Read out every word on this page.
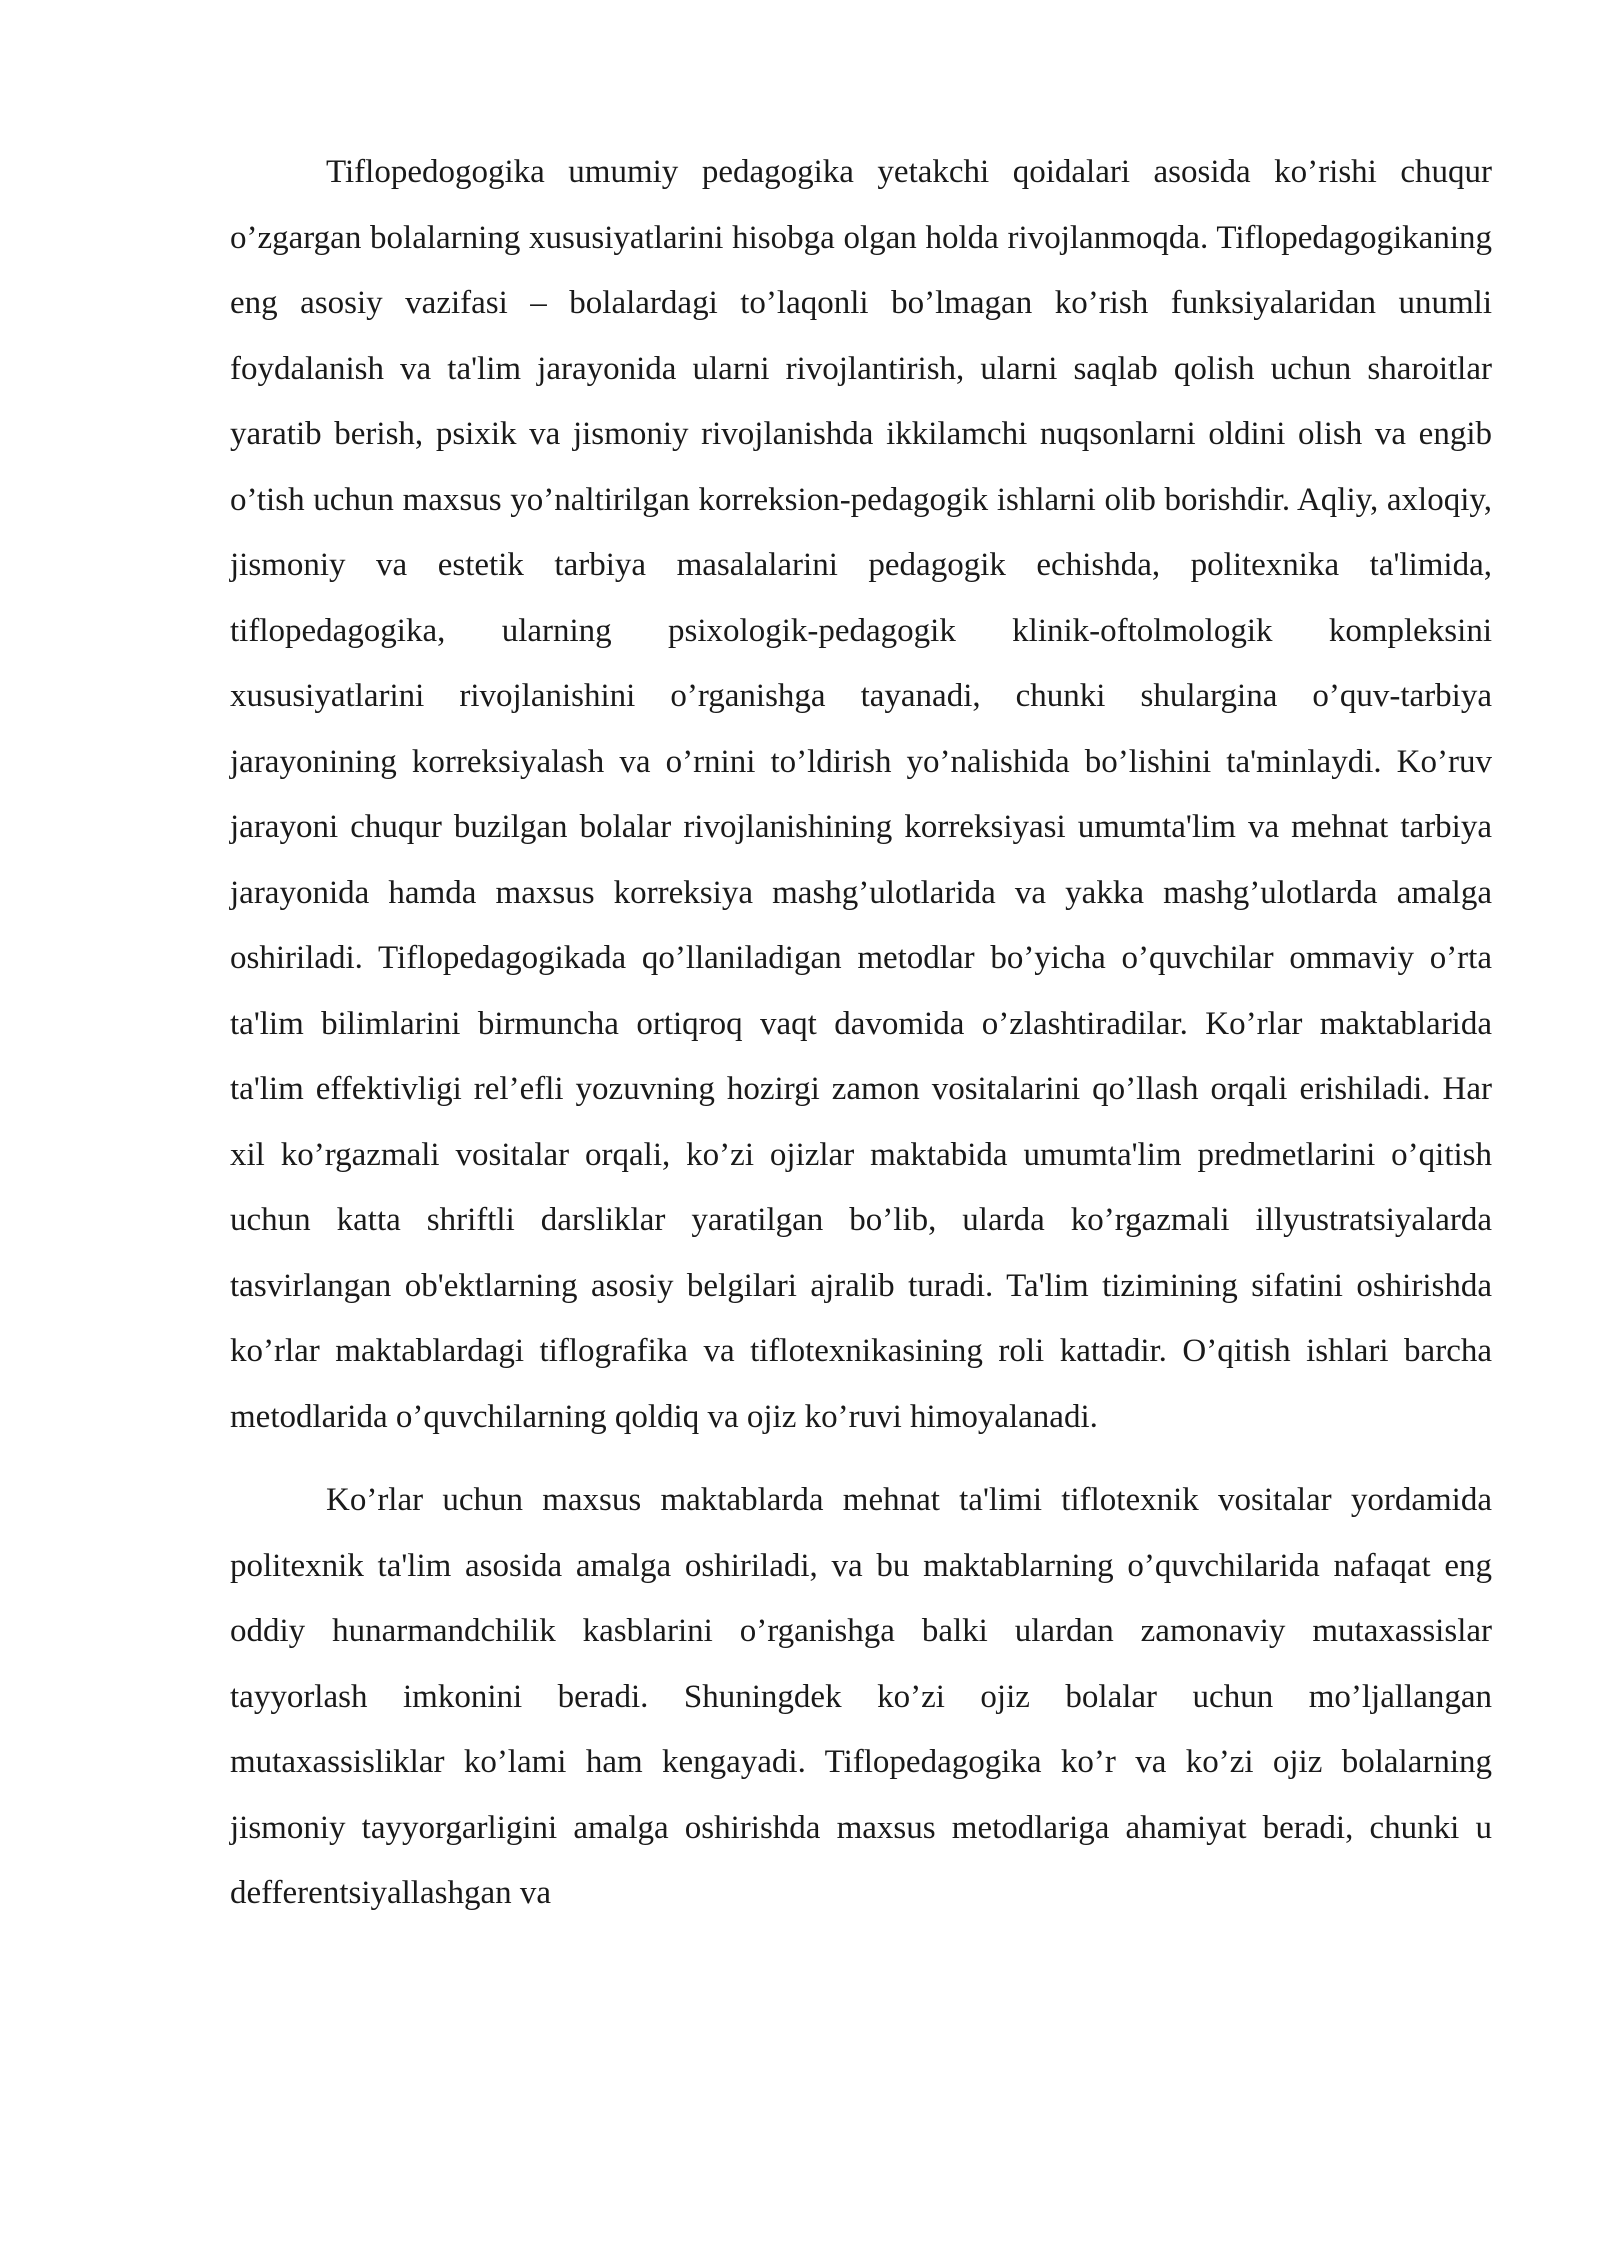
Tiflopedogogika umumiy pedagogika yetakchi qoidalari asosida ko’rishi chuqur o’zgargan bolalarning xususiyatlarini hisobga olgan holda rivojlanmoqda. Tiflopedagogikaning eng asosiy vazifasi – bolalardagi to’laqonli bo’lmagan ko’rish funksiyalaridan unumli foydalanish va ta'lim jarayonida ularni rivojlantirish, ularni saqlab qolish uchun sharoitlar yaratib berish, psixik va jismoniy rivojlanishda ikkilamchi nuqsonlarni oldini olish va engib o’tish uchun maxsus yo’naltirilgan korreksion-pedagogik ishlarni olib borishdir. Aqliy, axloqiy, jismoniy va estetik tarbiya masalalarini pedagogik echishda, politexnika ta'limida, tiflopedagogika, ularning psixologik-pedagogik klinik-oftolmologik kompleksini xususiyatlarini rivojlanishini o’rganishga tayanadi, chunki shulargina o’quv-tarbiya jarayonining korreksiyalash va o’rnini to’ldirish yo’nalishida bo’lishini ta'minlaydi. Ko’ruv jarayoni chuqur buzilgan bolalar rivojlanishining korreksiyasi umumta'lim va mehnat tarbiya jarayonida hamda maxsus korreksiya mashg’ulotlarida va yakka mashg’ulotlarda amalga oshiriladi. Tiflopedagogikada qo’llaniladigan metodlar bo’yicha o’quvchilar ommaviy o’rta ta'lim bilimlarini birmuncha ortiqroq vaqt davomida o’zlashtiradilar. Ko’rlar maktablarida ta'lim effektivligi rel’efli yozuvning hozirgi zamon vositalarini qo’llash orqali erishiladi. Har xil ko’rgazmali vositalar orqali, ko’zi ojizlar maktabida umumta'lim predmetlarini o’qitish uchun katta shriftli darsliklar yaratilgan bo’lib, ularda ko’rgazmali illyustratsiyalarda tasvirlangan ob'ektlarning asosiy belgilari ajralib turadi. Ta'lim tizimining sifatini oshirishda ko’rlar maktablardagi tiflografika va tiflotexnikasining roli kattadir. O’qitish ishlari barcha metodlarida o’quvchilarning qoldiq va ojiz ko’ruvi himoyalanadi.

Ko’rlar uchun maxsus maktablarda mehnat ta'limi tiflotexnik vositalar yordamida politexnik ta'lim asosida amalga oshiriladi, va bu maktablarning o’quvchilarida nafaqat eng oddiy hunarmandchilik kasblarini o’rganishga balki ulardan zamonaviy mutaxassislar tayyorlash imkonini beradi. Shuningdek ko’zi ojiz bolalar uchun mo’ljallangan mutaxassisliklar ko’lami ham kengayadi. Tiflopedagogika ko’r va ko’zi ojiz bolalarning jismoniy tayyorgarligini amalga oshirishda maxsus metodlariga ahamiyat beradi, chunki u defferentsiyallashgan va
